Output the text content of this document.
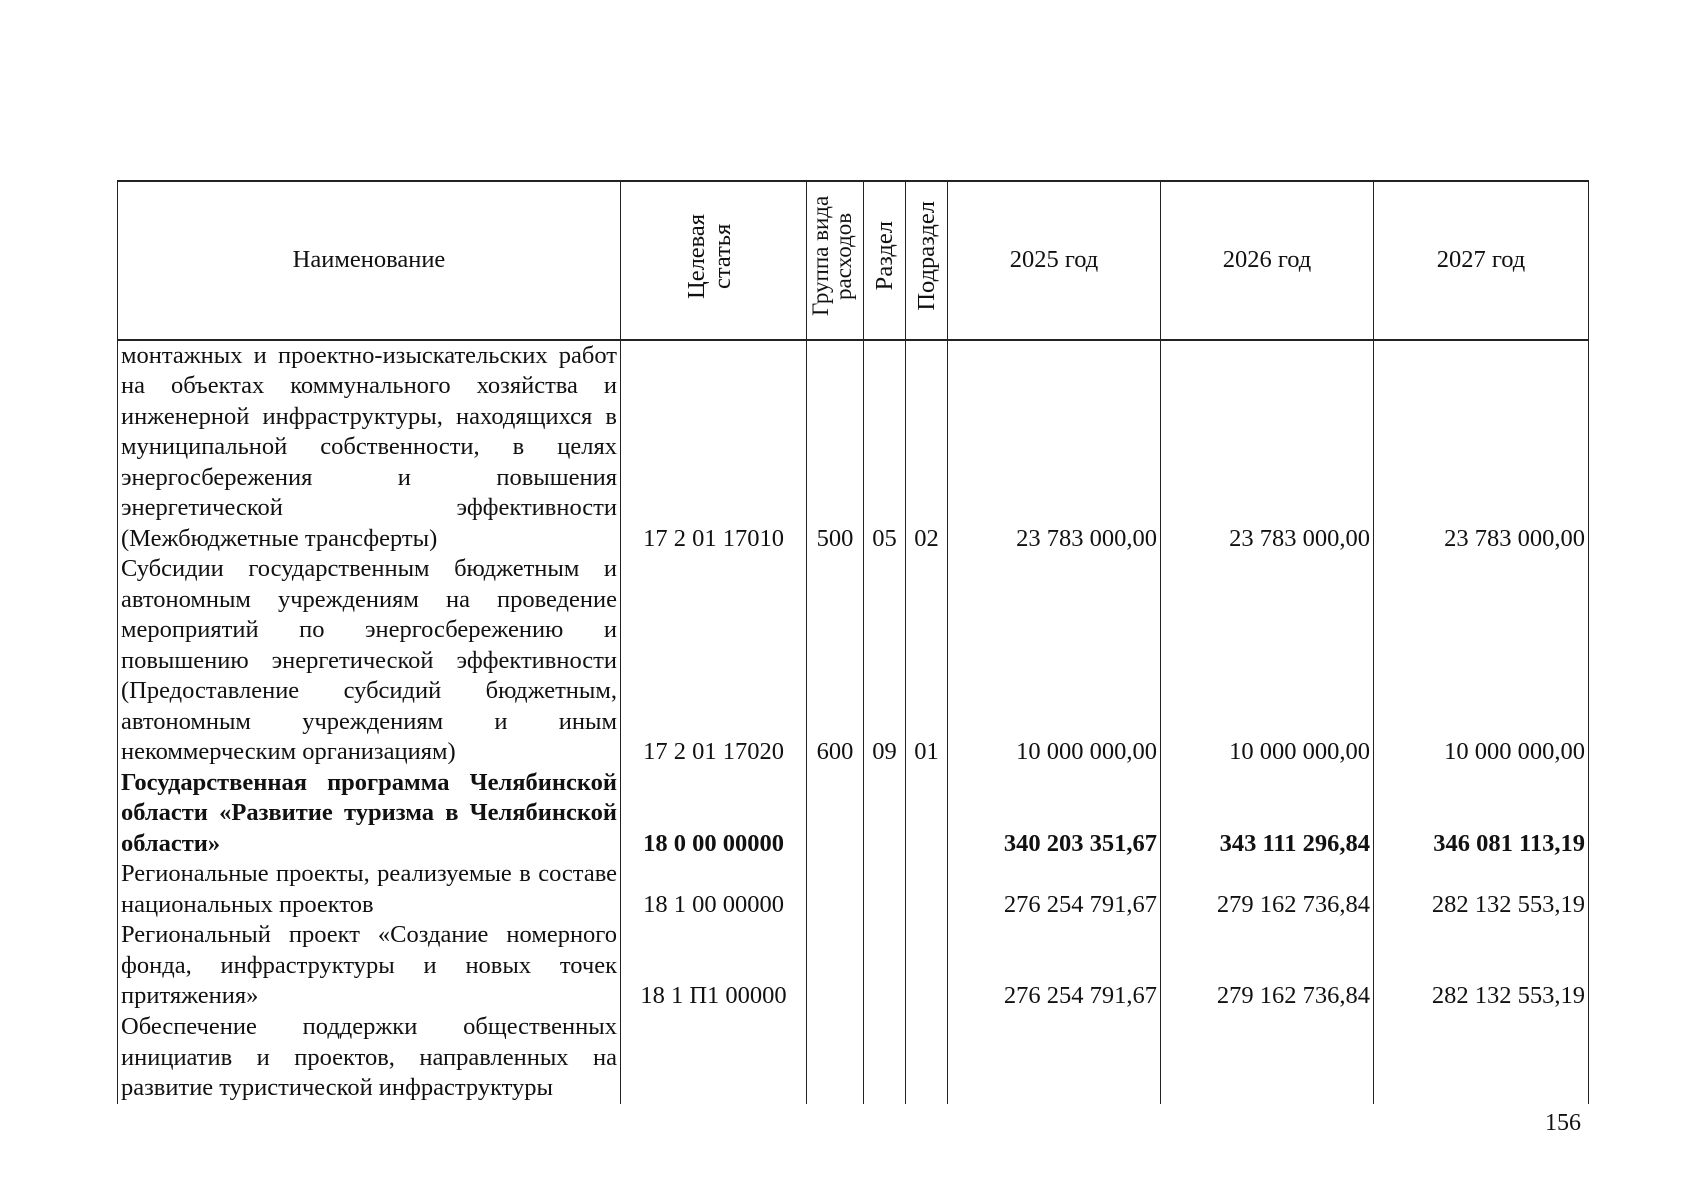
Наименование	Целевая статья	Группа вида расходов	Раздел	Подраздел	2025 год	2026 год	2027 год
монтажных и проектно-изыскательских работ на объектах коммунального хозяйства и инженерной инфраструктуры, находящихся в муниципальной собственности, в целях энергосбережения и повышения энергетической эффективности (Межбюджетные трансферты)	17 2 01 17010	500	05	02	23 783 000,00	23 783 000,00	23 783 000,00
Субсидии государственным бюджетным и автономным учреждениям на проведение мероприятий по энергосбережению и повышению энергетической эффективности (Предоставление субсидий бюджетным, автономным учреждениям и иным некоммерческим организациям)	17 2 01 17020	600	09	01	10 000 000,00	10 000 000,00	10 000 000,00
Государственная программа Челябинской области «Развитие туризма в Челябинской области»	18 0 00 00000				340 203 351,67	343 111 296,84	346 081 113,19
Региональные проекты, реализуемые в составе национальных проектов	18 1 00 00000				276 254 791,67	279 162 736,84	282 132 553,19
Региональный проект «Создание номерного фонда, инфраструктуры и новых точек притяжения»	18 1 П1 00000				276 254 791,67	279 162 736,84	282 132 553,19
Обеспечение поддержки общественных инициатив и проектов, направленных на развитие туристической инфраструктуры							
156
